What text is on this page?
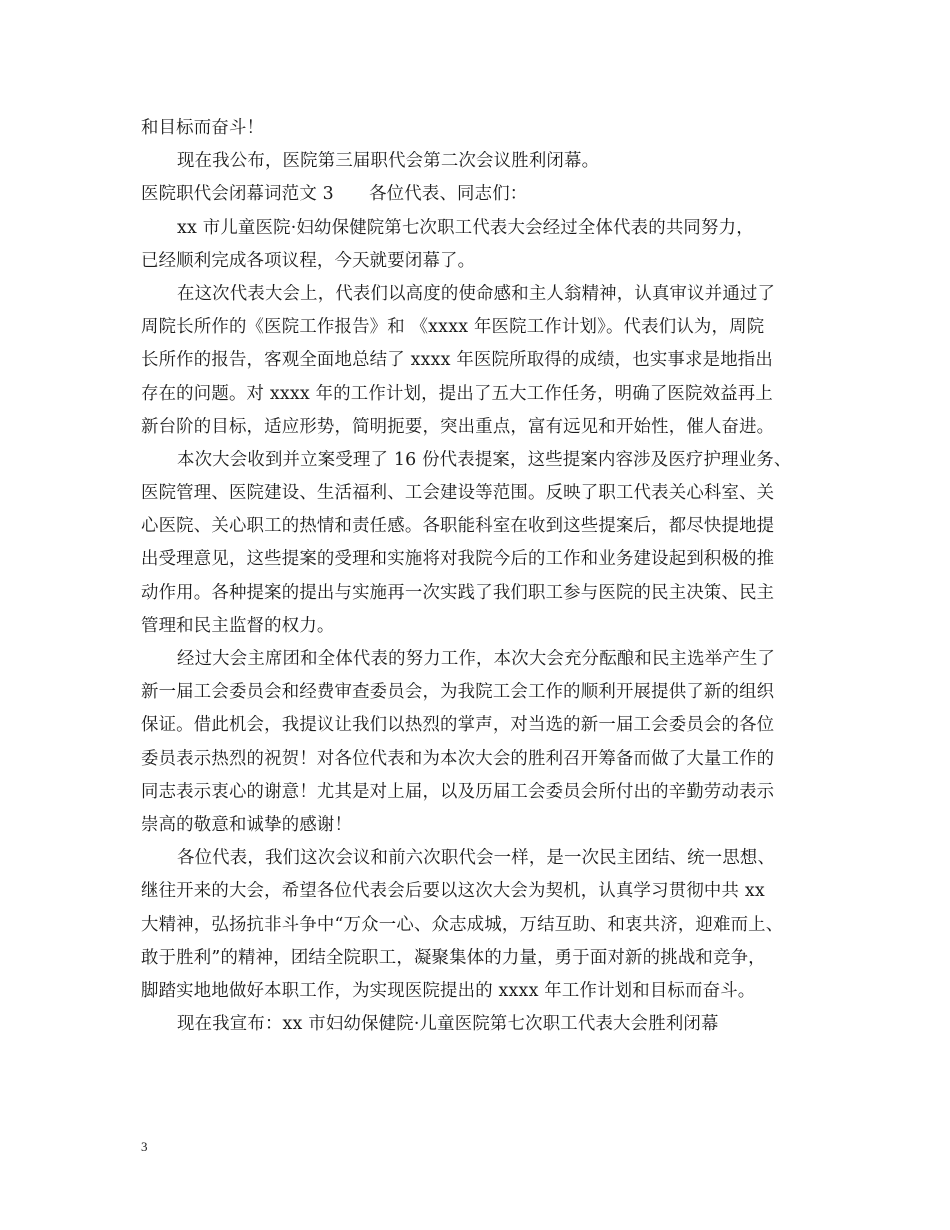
和目标而奋斗！
现在我公布，医院第三届职代会第二次会议胜利闭幕。
医院职代会闭幕词范文 3　　各位代表、同志们：
xx 市儿童医院·妇幼保健院第七次职工代表大会经过全体代表的共同努力，
已经顺利完成各项议程，今天就要闭幕了。
在这次代表大会上，代表们以高度的使命感和主人翁精神，认真审议并通过了
周院长所作的《医院工作报告》和 《xxxx 年医院工作计划》。代表们认为，周院
长所作的报告，客观全面地总结了 xxxx 年医院所取得的成绩，也实事求是地指出
存在的问题。对 xxxx 年的工作计划，提出了五大工作任务，明确了医院效益再上
新台阶的目标，适应形势，简明扼要，突出重点，富有远见和开始性，催人奋进。
本次大会收到并立案受理了 16 份代表提案，这些提案内容涉及医疗护理业务、
医院管理、医院建设、生活福利、工会建设等范围。反映了职工代表关心科室、关
心医院、关心职工的热情和责任感。各职能科室在收到这些提案后，都尽快提地提
出受理意见，这些提案的受理和实施将对我院今后的工作和业务建设起到积极的推
动作用。各种提案的提出与实施再一次实践了我们职工参与医院的民主决策、民主
管理和民主监督的权力。
经过大会主席团和全体代表的努力工作，本次大会充分酝酿和民主选举产生了
新一届工会委员会和经费审查委员会，为我院工会工作的顺利开展提供了新的组织
保证。借此机会，我提议让我们以热烈的掌声，对当选的新一届工会委员会的各位
委员表示热烈的祝贺！对各位代表和为本次大会的胜利召开筹备而做了大量工作的
同志表示衷心的谢意！尤其是对上届，以及历届工会委员会所付出的辛勤劳动表示
崇高的敬意和诚挚的感谢！
各位代表，我们这次会议和前六次职代会一样，是一次民主团结、统一思想、
继往开来的大会，希望各位代表会后要以这次大会为契机，认真学习贯彻中共 xx
大精神，弘扬抗非斗争中“万众一心、众志成城，万结互助、和衷共济，迎难而上、
敢于胜利”的精神，团结全院职工，凝聚集体的力量，勇于面对新的挑战和竞争，
脚踏实地地做好本职工作，为实现医院提出的 xxxx 年工作计划和目标而奋斗。
现在我宣布：xx 市妇幼保健院·儿童医院第七次职工代表大会胜利闭幕
3
